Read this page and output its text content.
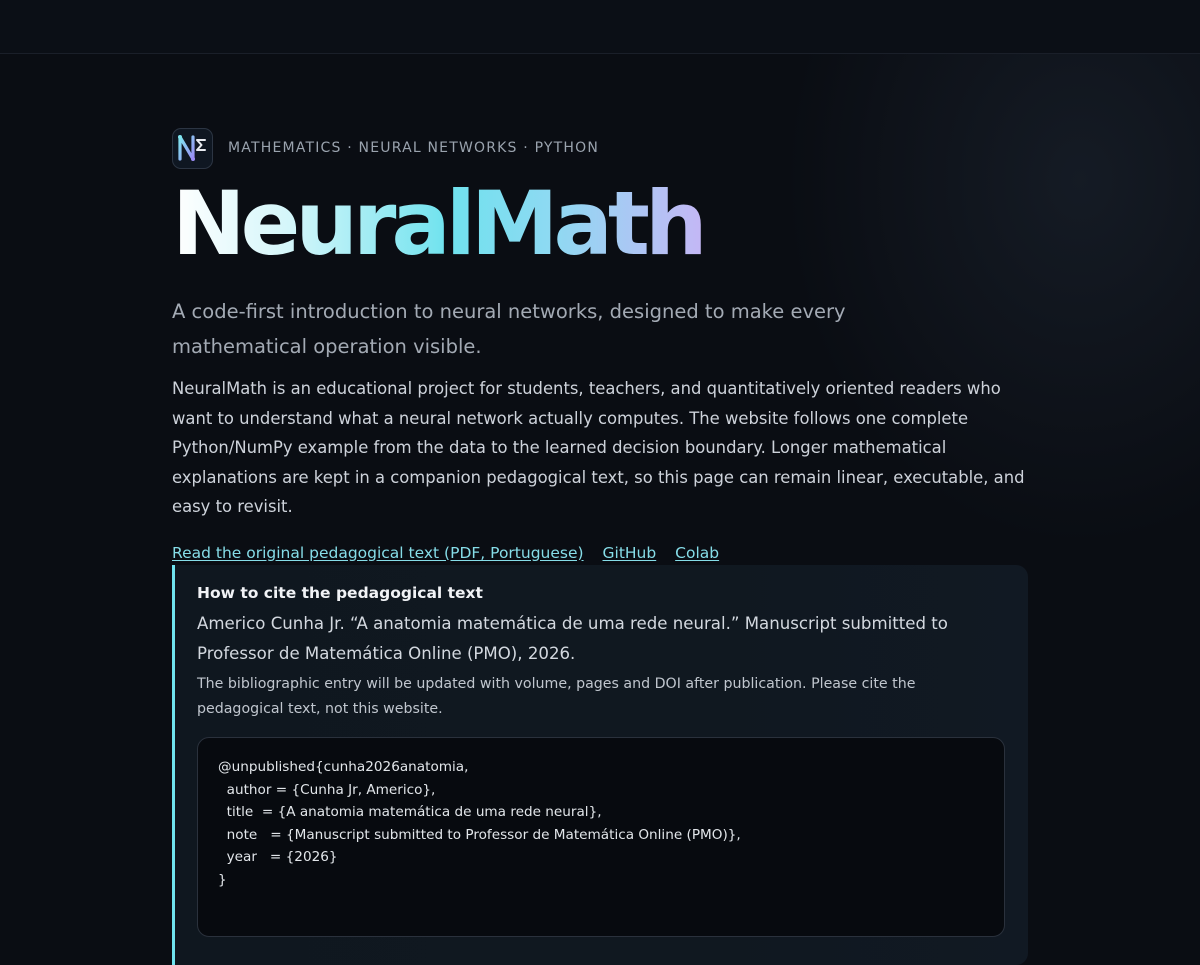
MATHEMATICS · NEURAL NETWORKS · PYTHON
NeuralMath

A code-first introduction to neural networks, designed to make every mathematical operation visible.

NeuralMath is an educational project for students, teachers, and quantitatively oriented readers who want to understand what a neural network actually computes. The website follows one complete Python/NumPy example from the data to the learned decision boundary. Longer mathematical explanations are kept in a companion pedagogical text, so this page can remain linear, executable, and easy to revisit.

Read the original pedagogical text (PDF, Portuguese) GitHub Colab
How to cite the pedagogical text

Americo Cunha Jr. “A anatomia matemática de uma rede neural.” Manuscript submitted to Professor de Matemática Online (PMO), 2026.

The bibliographic entry will be updated with volume, pages and DOI after publication. Please cite the pedagogical text, not this website.

@unpublished{cunha2026anatomia,
author = {Cunha Jr, Americo},
title  = {A anatomia matemática de uma rede neural},
note   = {Manuscript submitted to Professor de Matemática Online (PMO)},
year   = {2026}
}
